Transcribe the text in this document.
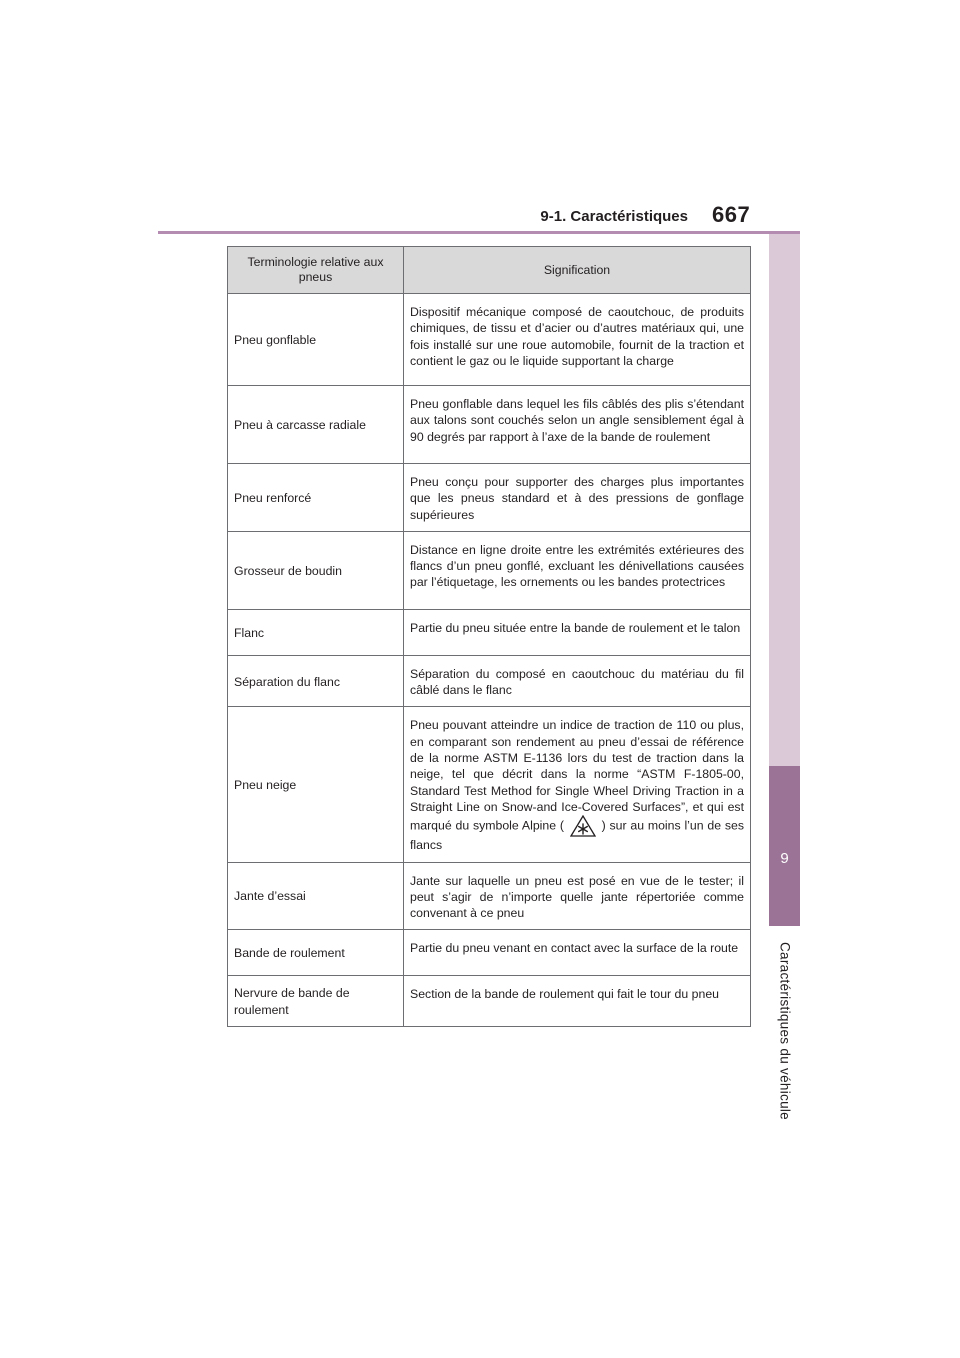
9-1. Caractéristiques 667
9
Caractéristiques du véhicule
Terminologie relative aux pneus	Signification
Pneu gonflable	Dispositif mécanique composé de caoutchouc, de produits chimiques, de tissu et d’acier ou d’autres matériaux qui, une fois installé sur une roue automobile, fournit de la traction et contient le gaz ou le liquide supportant la charge
Pneu à carcasse radiale	Pneu gonflable dans lequel les fils câblés des plis s’étendant aux talons sont couchés selon un angle sensiblement égal à 90 degrés par rapport à l’axe de la bande de roulement
Pneu renforcé	Pneu conçu pour supporter des charges plus importantes que les pneus standard et à des pressions de gonflage supérieures
Grosseur de boudin	Distance en ligne droite entre les extrémités extérieures des flancs d’un pneu gonflé, excluant les dénivellations causées par l’étiquetage, les ornements ou les bandes protectrices
Flanc	Partie du pneu située entre la bande de roulement et le talon
Séparation du flanc	Séparation du composé en caoutchouc du matériau du fil câblé dans le flanc
Pneu neige	Pneu pouvant atteindre un indice de traction de 110 ou plus, en comparant son rendement au pneu d’essai de référence de la norme ASTM E-1136 lors du test de traction dans la neige, tel que décrit dans la norme “ASTM F-1805-00, Standard Test Method for Single Wheel Driving Traction in a Straight Line on Snow-and Ice-Covered Surfaces”, et qui est marqué du symbole Alpine ( ) sur au moins l’un de ses flancs
Jante d’essai	Jante sur laquelle un pneu est posé en vue de le tester; il peut s’agir de n’importe quelle jante répertoriée comme convenant à ce pneu
Bande de roulement	Partie du pneu venant en contact avec la surface de la route
Nervure de bande de roulement	Section de la bande de roulement qui fait le tour du pneu
